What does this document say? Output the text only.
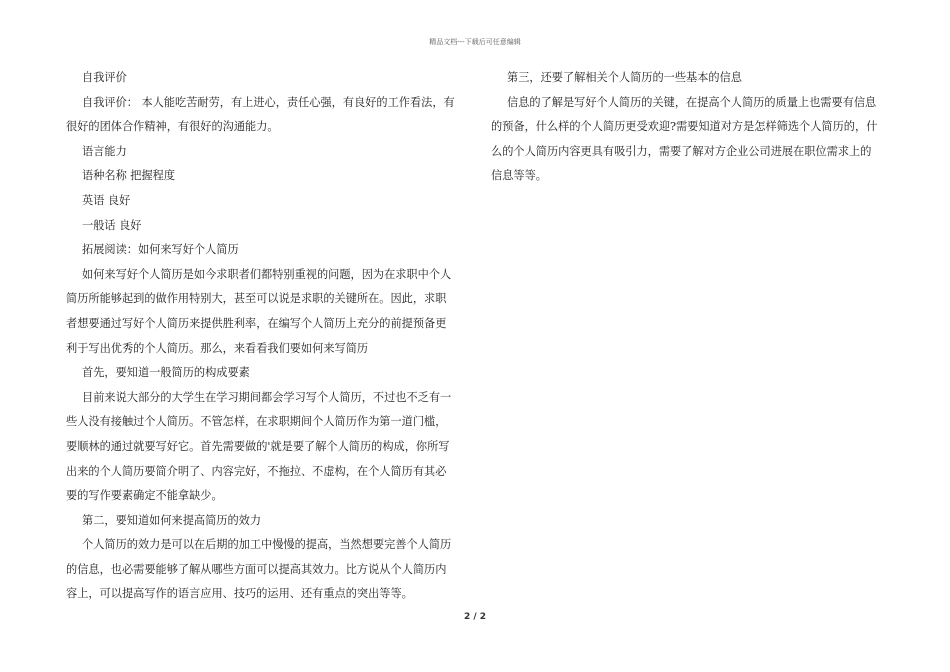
精品文档---下载后可任意编辑

自我评价

自我评价： 本人能吃苦耐劳，有上进心，责任心强，有良好的工作看法，有

很好的团体合作精神，有很好的沟通能力。

语言能力

语种名称 把握程度

英语 良好

一般话 良好

拓展阅读：如何来写好个人简历

如何来写好个人简历是如今求职者们都特别重视的问题，因为在求职中个人

简历所能够起到的做作用特别大，甚至可以说是求职的关键所在。因此，求职

者想要通过写好个人简历来提供胜利率，在编写个人简历上充分的前提预备更

利于写出优秀的个人简历。那么，来看看我们要如何来写简历

首先，要知道一般简历的构成要素

目前来说大部分的大学生在学习期间都会学习写个人简历，不过也不乏有一

些人没有接触过个人简历。不管怎样，在求职期间个人简历作为第一道门槛，

要顺林的通过就要写好它。首先需要做的'就是要了解个人简历的构成，你所写

出来的个人简历要简介明了、内容完好，不拖拉、不虚构，在个人简历有其必

要的写作要素确定不能拿缺少。

第二，要知道如何来提高简历的效力

个人简历的效力是可以在后期的加工中慢慢的提高，当然想要完善个人简历

的信息，也必需要能够了解从哪些方面可以提高其效力。比方说从个人简历内

容上，可以提高写作的语言应用、技巧的运用、还有重点的突出等等。

第三，还要了解相关个人简历的一些基本的信息

信息的了解是写好个人简历的关键，在提高个人简历的质量上也需要有信息

的预备，什么样的个人简历更受欢迎?需要知道对方是怎样筛选个人简历的，什

么的个人简历内容更具有吸引力，需要了解对方企业公司进展在职位需求上的

信息等等。

2 / 2
